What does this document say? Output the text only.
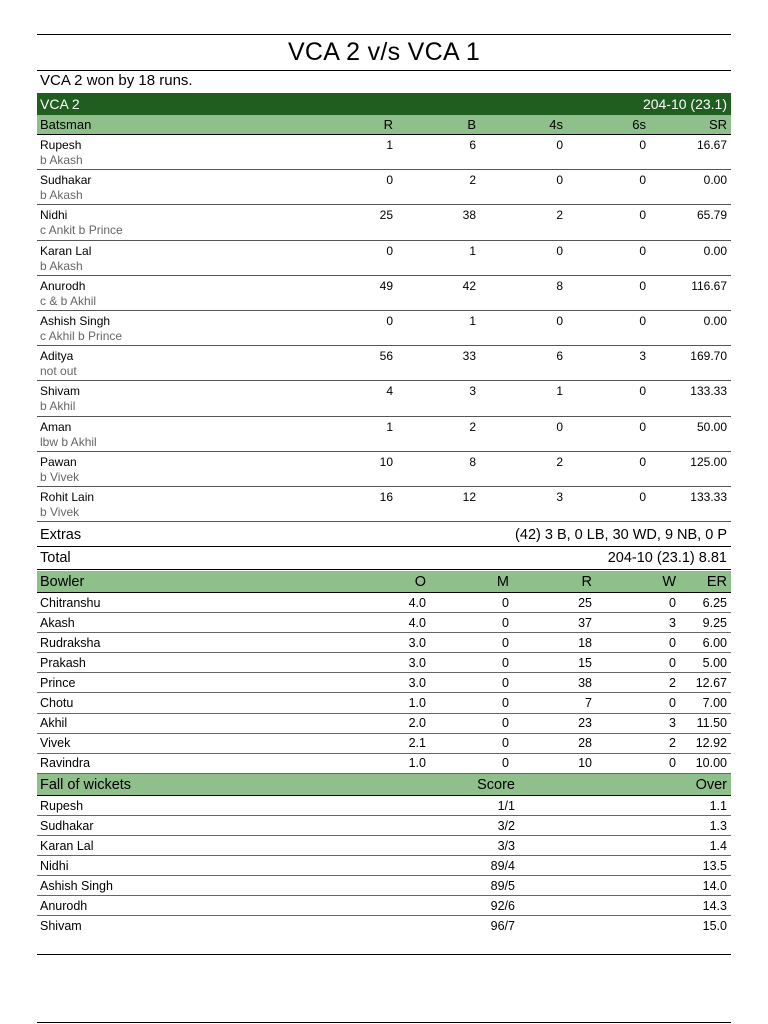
VCA 2 v/s VCA 1
VCA 2 won by 18 runs.
VCA 2	204-10 (23.1)
Batsman	R	B	4s	6s	SR
Rupesh	1	6	0	0	16.67
b Akash
Sudhakar	0	2	0	0	0.00
b Akash
Nidhi	25	38	2	0	65.79
c Ankit b Prince
Karan Lal	0	1	0	0	0.00
b Akash
Anurodh	49	42	8	0	116.67
c & b Akhil
Ashish Singh	0	1	0	0	0.00
c Akhil b Prince
Aditya	56	33	6	3	169.70
not out
Shivam	4	3	1	0	133.33
b Akhil
Aman	1	2	0	0	50.00
lbw b Akhil
Pawan	10	8	2	0	125.00
b Vivek
Rohit Lain	16	12	3	0	133.33
b Vivek
Extras	(42) 3 B, 0 LB, 30 WD, 9 NB, 0 P
Total	204-10 (23.1) 8.81
Bowler	O	M	R	W	ER
Chitranshu	4.0	0	25	0	6.25
Akash	4.0	0	37	3	9.25
Rudraksha	3.0	0	18	0	6.00
Prakash	3.0	0	15	0	5.00
Prince	3.0	0	38	2	12.67
Chotu	1.0	0	7	0	7.00
Akhil	2.0	0	23	3	11.50
Vivek	2.1	0	28	2	12.92
Ravindra	1.0	0	10	0	10.00
Fall of wickets	Score	Over
Rupesh	1/1	1.1
Sudhakar	3/2	1.3
Karan Lal	3/3	1.4
Nidhi	89/4	13.5
Ashish Singh	89/5	14.0
Anurodh	92/6	14.3
Shivam	96/7	15.0
